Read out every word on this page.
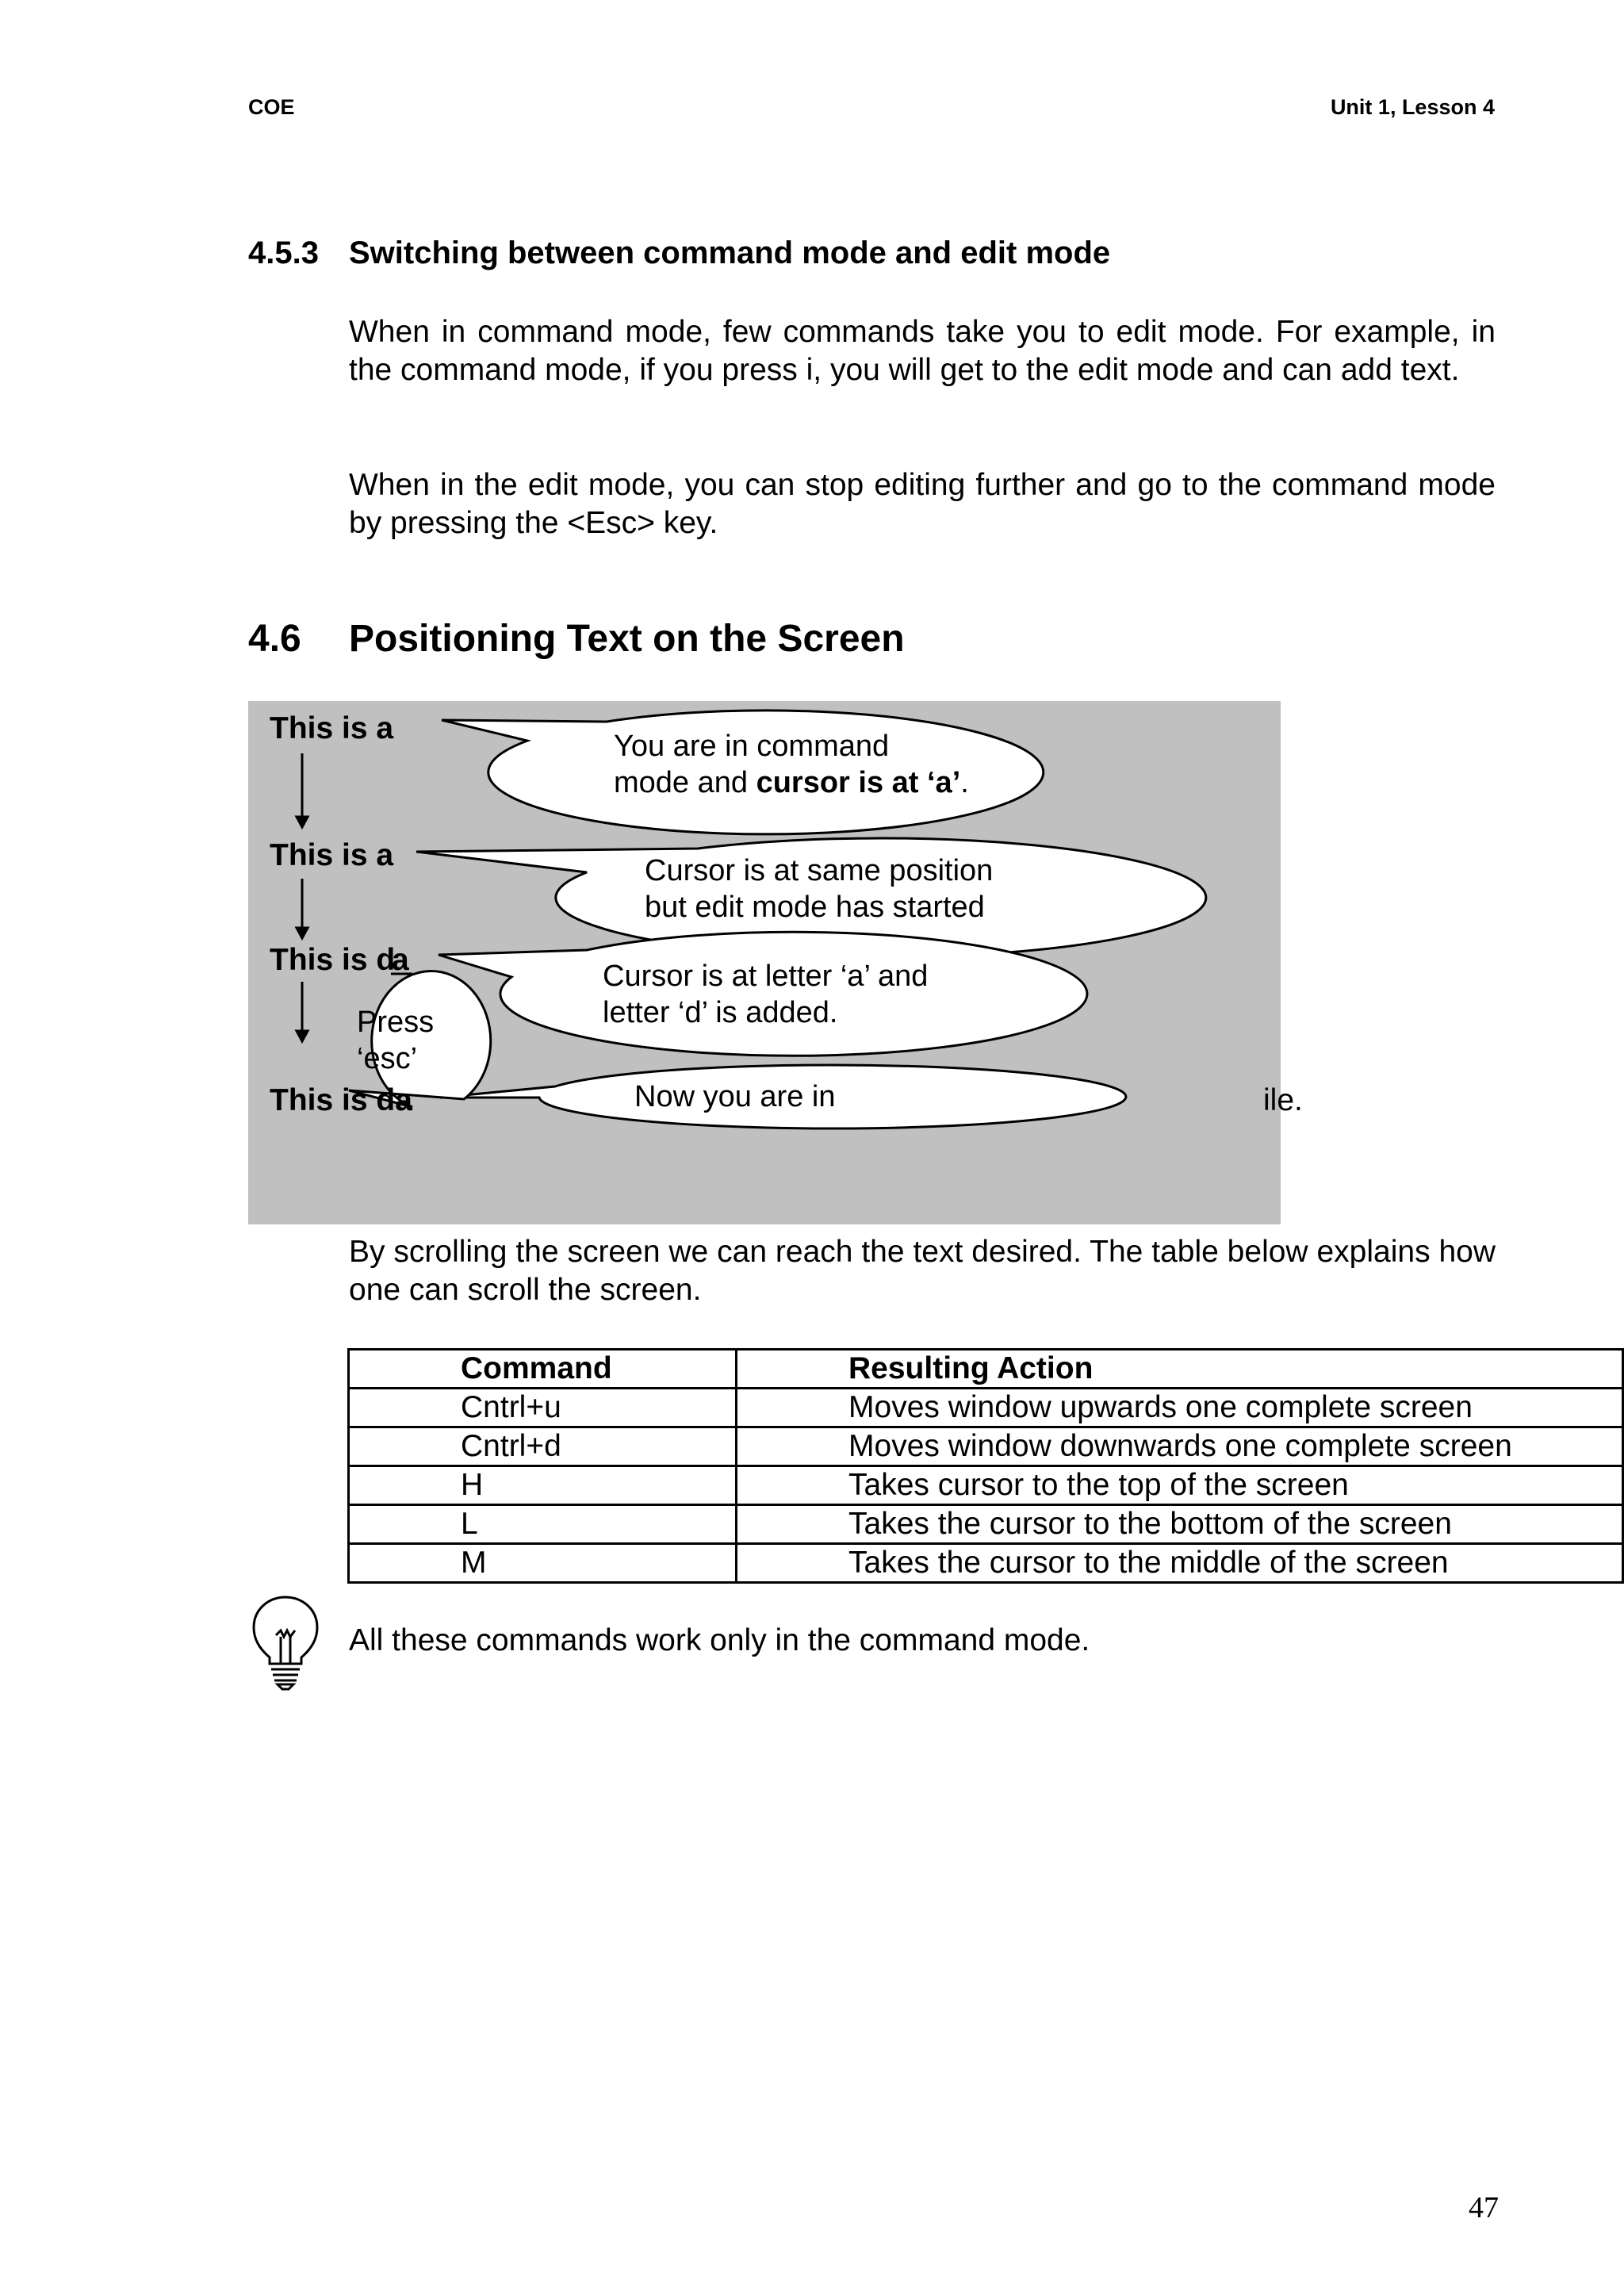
COE	Unit 1, Lesson 4
4.5.3 Switching between command mode and edit mode
When in command mode, few commands take you to edit mode. For example, in the command mode, if you press i, you will get to the edit mode and can add text.
When in the edit mode, you can stop editing further and go to the command mode by pressing the <Esc> key.
4.6 Positioning Text on the Screen
This is a
This is a
This is d
a
This is da
You are in command
mode and cursor is at ‘a’.
Cursor is at same position
but edit mode has started
Cursor is at letter ‘a’ and
letter ‘d’ is added.
Now you are in
Press
‘esc’
ile.
By scrolling the screen we can reach the text desired. The table below explains how one can scroll the screen.
Command	Resulting Action
Cntrl+u	Moves window upwards one complete screen
Cntrl+d	Moves window downwards one complete screen
H	Takes cursor to the top of the screen
L	Takes the cursor to the bottom of the screen
M	Takes the cursor to the middle of the screen
All these commands work only in the command mode.
47
